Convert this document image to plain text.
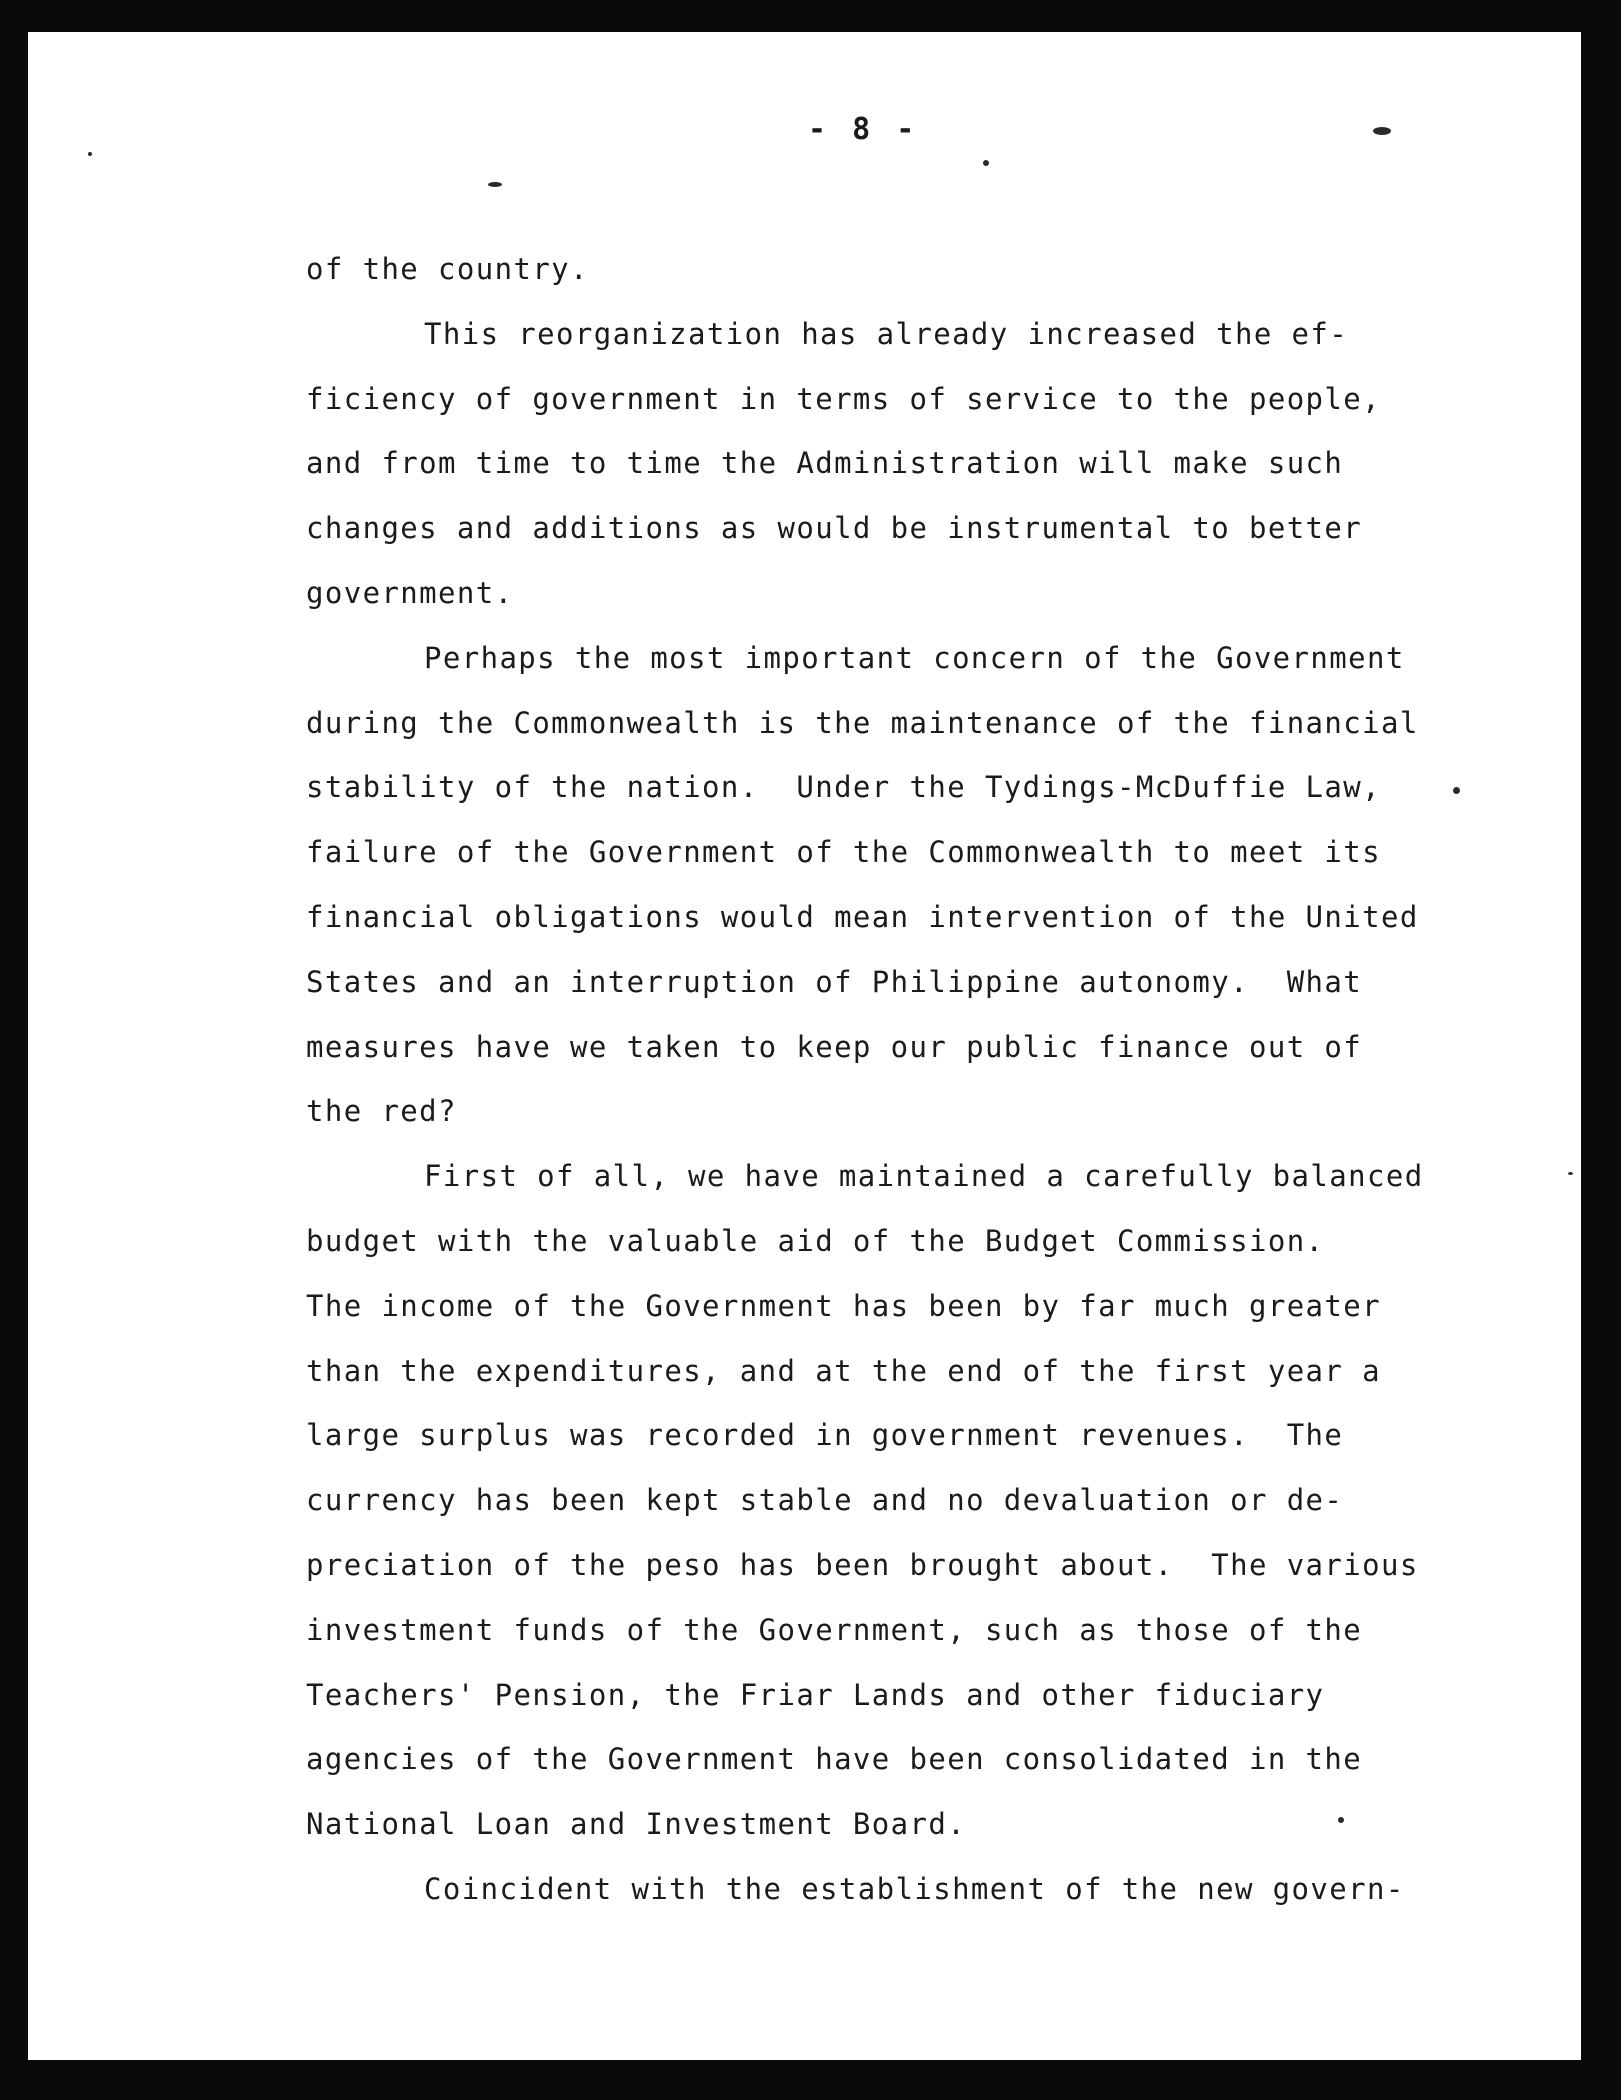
- 8 -
of the country.
This reorganization has already increased the ef-
ficiency of government in terms of service to the people,
and from time to time the Administration will make such
changes and additions as would be instrumental to better
government.
Perhaps the most important concern of the Government
during the Commonwealth is the maintenance of the financial
stability of the nation.  Under the Tydings-McDuffie Law,
failure of the Government of the Commonwealth to meet its
financial obligations would mean intervention of the United
States and an interruption of Philippine autonomy.  What
measures have we taken to keep our public finance out of
the red?
First of all, we have maintained a carefully balanced
budget with the valuable aid of the Budget Commission.
The income of the Government has been by far much greater
than the expenditures, and at the end of the first year a
large surplus was recorded in government revenues.  The
currency has been kept stable and no devaluation or de-
preciation of the peso has been brought about.  The various
investment funds of the Government, such as those of the
Teachers' Pension, the Friar Lands and other fiduciary
agencies of the Government have been consolidated in the
National Loan and Investment Board.
Coincident with the establishment of the new govern-
